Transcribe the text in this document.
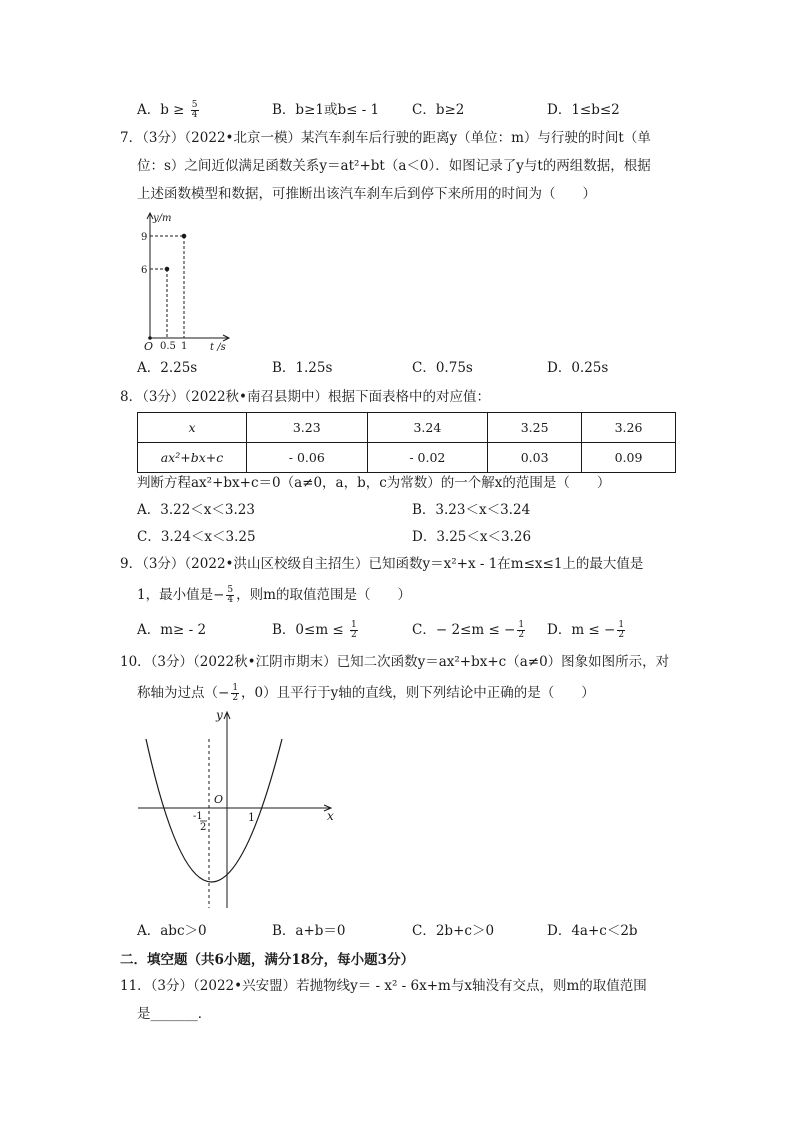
A．$b \ge \frac{5}{4}$	B．b≥1或b≤ - 1 C．b≥2	D．1≤b≤2
7．（3分）（2022•北京一模）某汽车刹车后行驶的距离y（单位：m）与行驶的时间t（单
位：s）之间近似满足函数关系y＝at²+bt（a＜0）．如图记录了y与t的两组数据，根据
上述函数模型和数据，可推断出该汽车刹车后到停下来所用的时间为（　　）
y/m
9
6
O 0.5 1 t /s
A．2.25s	B．1.25s	C．0.75s	D．0.25s
8．（3分）（2022秋•南召县期中）根据下面表格中的对应值：
x	3.23	3.24	3.25	3.26
ax²+bx+c	- 0.06	- 0.02	0.03	0.09
判断方程ax²+bx+c＝0（a≠0，a，b，c为常数）的一个解x的范围是（　　）
A．3.22＜x＜3.23	B．3.23＜x＜3.24
C．3.24＜x＜3.25	D．3.25＜x＜3.26
9．（3分）（2022•洪山区校级自主招生）已知函数y＝x²+x - 1在m≤x≤1上的最大值是
1，最小值是− $\frac{5}{4}$ ，则m的取值范围是（　　）
A．m≥ - 2	B．$0\le m \le \frac{1}{2}$	C．− 2≤m ≤ − $\frac{1}{2}$ D．m ≤ − $\frac{1}{2}$
10．（3分）（2022秋•江阴市期末）已知二次函数y＝ax²+bx+c（a≠0）图象如图所示，对
称轴为过点（− $\frac{1}{2}$ ，0）且平行于y轴的直线，则下列结论中正确的是（　　）
y
x
O
1
-1
2
A．abc＞0	B．a+b＝0	C．2b+c＞0	D．4a+c＜2b
二．填空题（共6小题，满分18分，每小题3分）
11．（3分）（2022•兴安盟）若抛物线y＝ - x² - 6x+m与x轴没有交点，则m的取值范围
是_______．
